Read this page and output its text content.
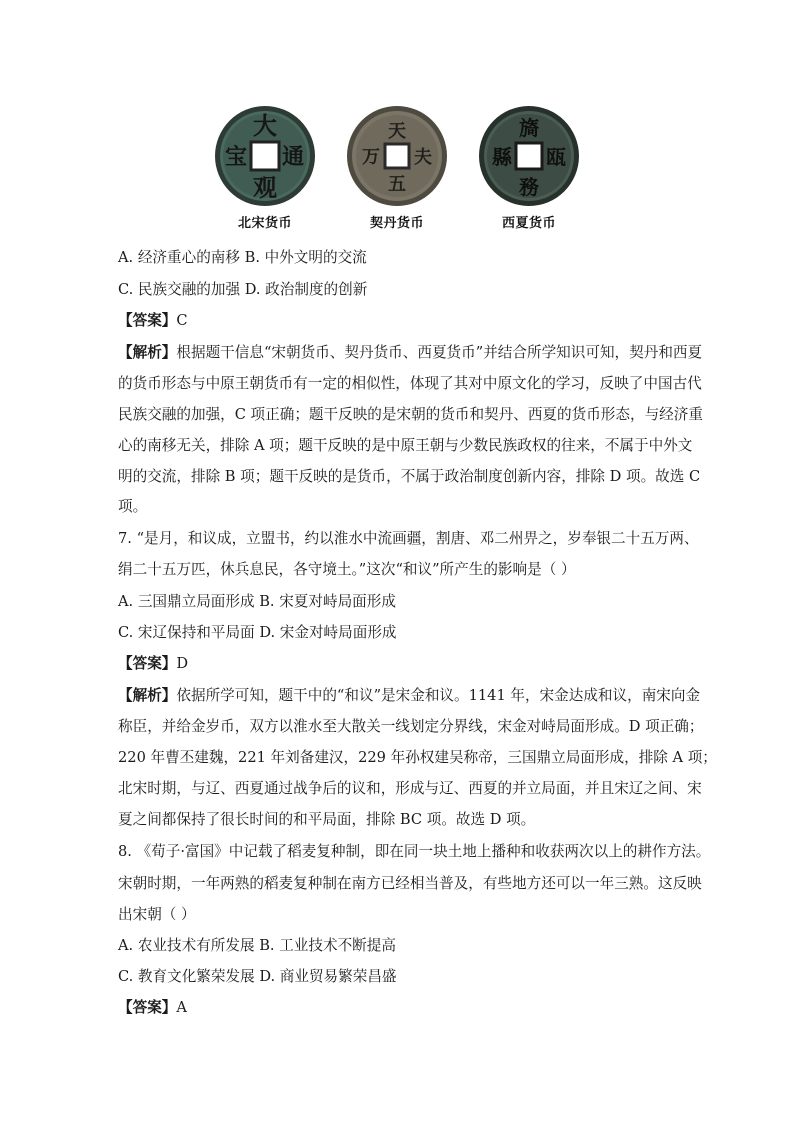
大
通
观
宝
北宋货币
天
夫
五
万
契丹货币
旖
瓯
務
縣
西夏货币
A. 经济重心的南移 B. 中外文明的交流
C. 民族交融的加强 D. 政治制度的创新
【答案】C
【解析】根据题干信息“宋朝货币、契丹货币、西夏货币”并结合所学知识可知，契丹和西夏
的货币形态与中原王朝货币有一定的相似性，体现了其对中原文化的学习，反映了中国古代
民族交融的加强，C 项正确；题干反映的是宋朝的货币和契丹、西夏的货币形态，与经济重
心的南移无关，排除 A 项；题干反映的是中原王朝与少数民族政权的往来，不属于中外文
明的交流，排除 B 项；题干反映的是货币，不属于政治制度创新内容，排除 D 项。故选 C
项。
7. “是月，和议成，立盟书，约以淮水中流画疆，割唐、邓二州畀之，岁奉银二十五万两、
绢二十五万匹，休兵息民，各守境土。”这次“和议”所产生的影响是（ ）
A. 三国鼎立局面形成 B. 宋夏对峙局面形成
C. 宋辽保持和平局面 D. 宋金对峙局面形成
【答案】D
【解析】依据所学可知，题干中的“和议”是宋金和议。1141 年，宋金达成和议，南宋向金
称臣，并给金岁币，双方以淮水至大散关一线划定分界线，宋金对峙局面形成。D 项正确；
220 年曹丕建魏，221 年刘备建汉，229 年孙权建吴称帝，三国鼎立局面形成，排除 A 项；
北宋时期，与辽、西夏通过战争后的议和，形成与辽、西夏的并立局面，并且宋辽之间、宋
夏之间都保持了很长时间的和平局面，排除 BC 项。故选 D 项。
8. 《荀子·富国》中记载了稻麦复种制，即在同一块土地上播种和收获两次以上的耕作方法。
宋朝时期，一年两熟的稻麦复种制在南方已经相当普及，有些地方还可以一年三熟。这反映
出宋朝（ ）
A. 农业技术有所发展 B. 工业技术不断提高
C. 教育文化繁荣发展 D. 商业贸易繁荣昌盛
【答案】A
